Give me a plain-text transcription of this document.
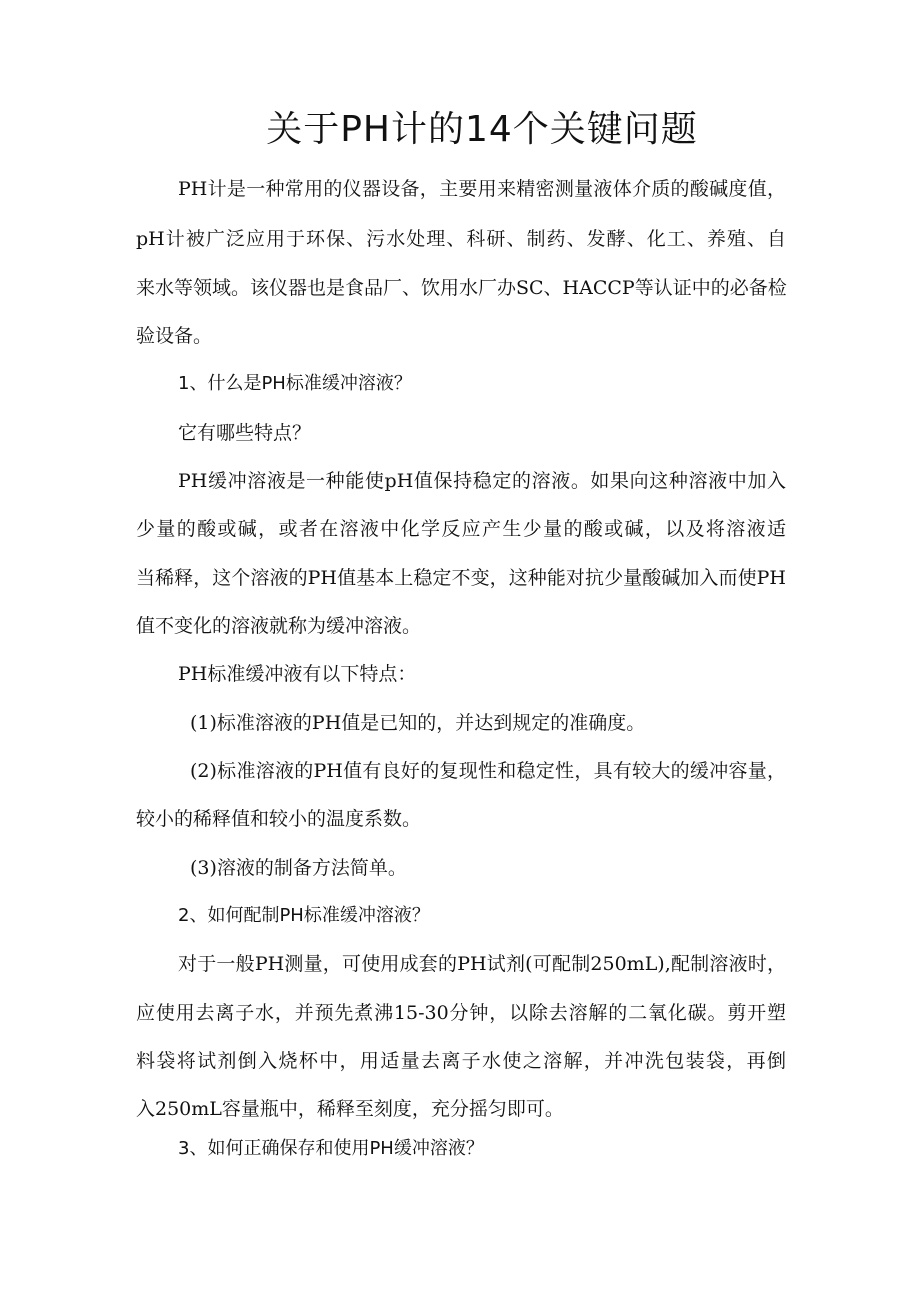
关于PH计的14个关键问题
PH计是一种常用的仪器设备，主要用来精密测量液体介质的酸碱度值，
pH计被广泛应用于环保、污水处理、科研、制药、发酵、化工、养殖、自
来水等领域。该仪器也是食品厂、饮用水厂办SC、HACCP等认证中的必备检
验设备。
1、什么是PH标准缓冲溶液？
它有哪些特点？
PH缓冲溶液是一种能使pH值保持稳定的溶液。如果向这种溶液中加入
少量的酸或碱，或者在溶液中化学反应产生少量的酸或碱，以及将溶液适
当稀释，这个溶液的PH值基本上稳定不变，这种能对抗少量酸碱加入而使PH
值不变化的溶液就称为缓冲溶液。
PH标准缓冲液有以下特点：
(1)标准溶液的PH值是已知的，并达到规定的准确度。
(2)标准溶液的PH值有良好的复现性和稳定性，具有较大的缓冲容量，
较小的稀释值和较小的温度系数。
(3)溶液的制备方法简单。
2、如何配制PH标准缓冲溶液？
对于一般PH测量，可使用成套的PH试剂(可配制250mL),配制溶液时，
应使用去离子水，并预先煮沸15-30分钟，以除去溶解的二氧化碳。剪开塑
料袋将试剂倒入烧杯中，用适量去离子水使之溶解，并冲洗包装袋，再倒
入250mL容量瓶中，稀释至刻度，充分摇匀即可。
3、如何正确保存和使用PH缓冲溶液？
